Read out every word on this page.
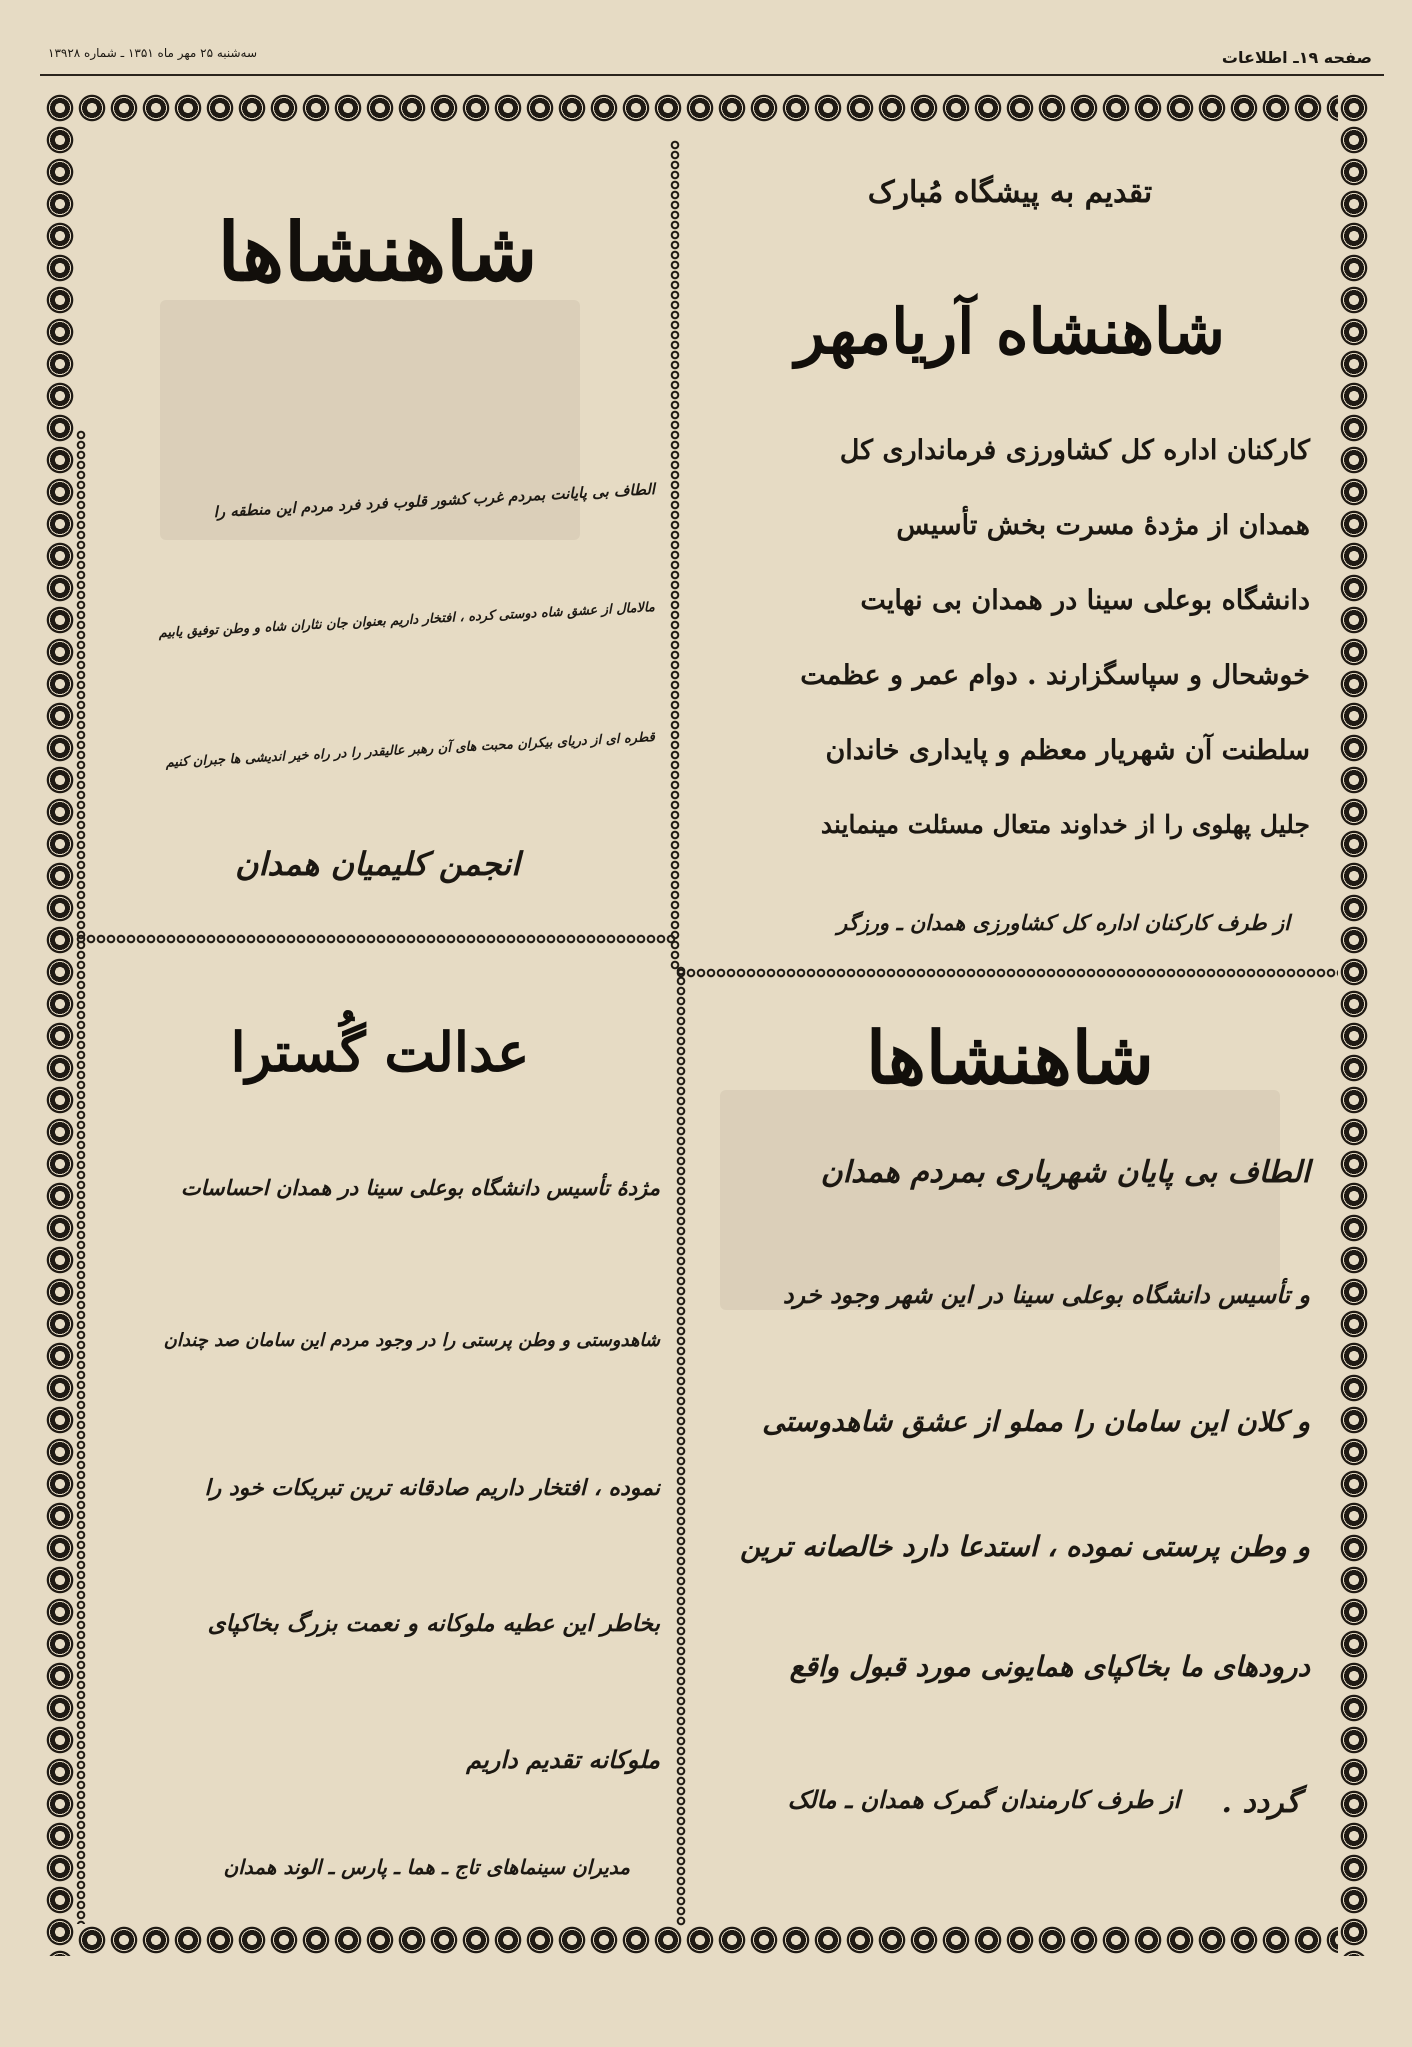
صفحه ۱۹ـ اطلاعات
سه‌شنبه ۲۵ مهر ماه ۱۳۵۱ ـ شماره ۱۳۹۲۸
تقدیم به پیشگاه مُبارک
شاهنشاه آریامهر
کارکنان اداره کل کشاورزی فرمانداری کل
همدان از مژدهٔ مسرت بخش تأسیس
دانشگاه بوعلی سینا در همدان بی نهایت
خوشحال و سپاسگزارند . دوام عمر و عظمت
سلطنت آن شهریار معظم و پایداری خاندان
جلیل پهلوی را از خداوند متعال مسئلت مینمایند
از طرف کارکنان اداره کل کشاورزی همدان ـ ورزگر
شاهنشاها
الطاف بی پایانت بمردم غرب کشور قلوب فرد فرد مردم این منطقه را
مالامال از عشق شاه دوستی کرده ، افتخار داریم بعنوان جان نثاران شاه و وطن توفیق یابیم
قطره ای از دریای بیکران محبت های آن رهبر عالیقدر را در راه خیر اندیشی ها جبران کنیم
انجمن کلیمیان همدان
عدالت گُسترا
مژدهٔ تأسیس دانشگاه بوعلی سینا در همدان احساسات
شاهدوستی و وطن پرستی را در وجود مردم این سامان صد چندان
نموده ، افتخار داریم صادقانه ترین تبریکات خود را
بخاطر این عطیه ملوکانه و نعمت بزرگ بخاکپای
ملوکانه تقدیم داریم
مدیران سینماهای تاج ـ هما ـ پارس ـ الوند همدان
شاهنشاها
الطاف بی پایان شهریاری بمردم همدان
و تأسیس دانشگاه بوعلی سینا در این شهر وجود خرد
و کلان این سامان را مملو از عشق شاهدوستی
و وطن پرستی نموده ، استدعا دارد خالصانه ترین
درودهای ما بخاکپای همایونی مورد قبول واقع
گردد .
از طرف کارمندان گمرک همدان ـ مالک
